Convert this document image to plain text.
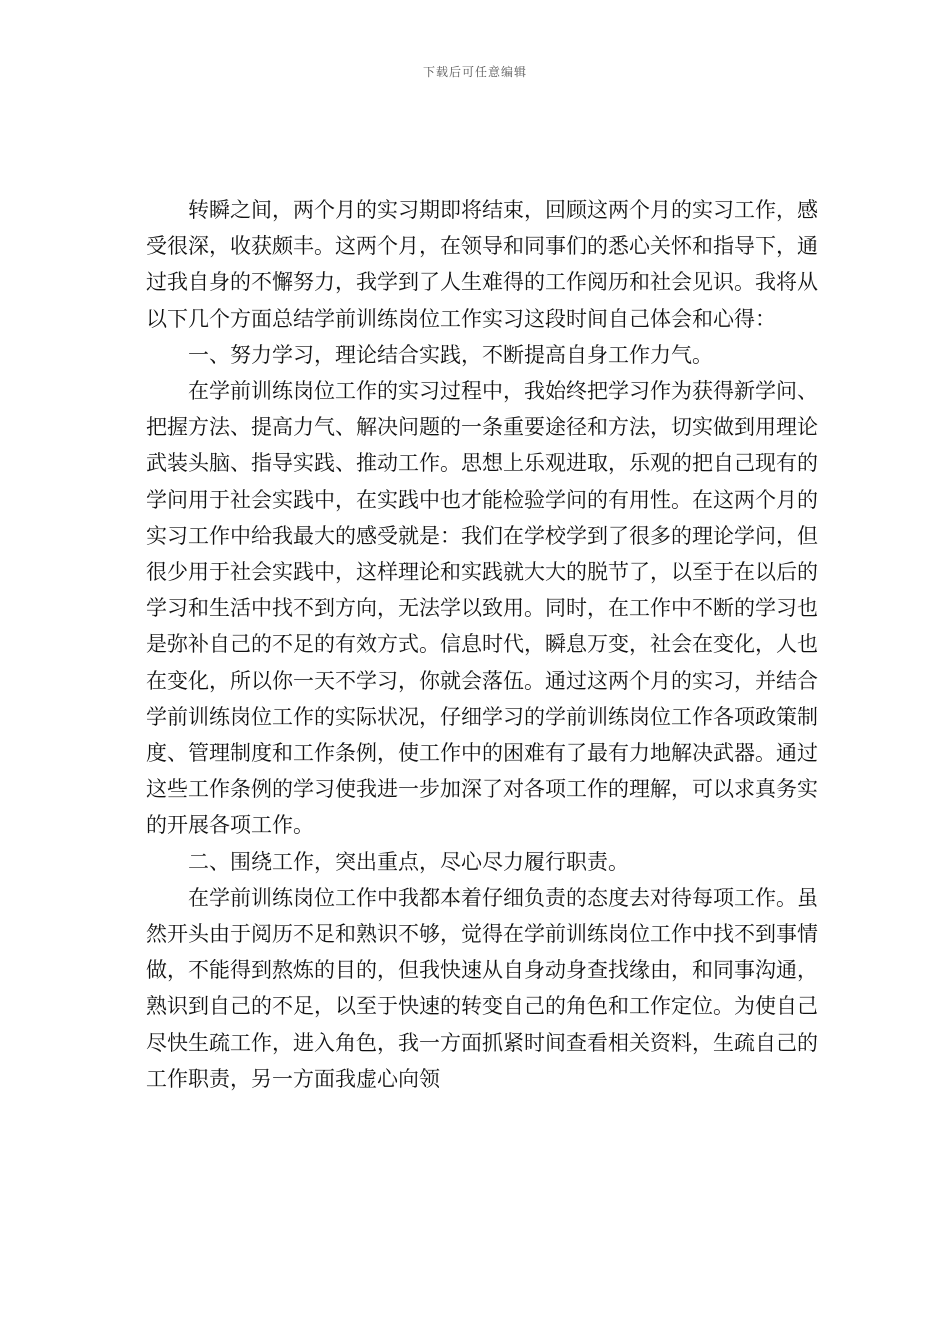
下载后可任意编辑

转瞬之间，两个月的实习期即将结束，回顾这两个月的实习工作，感受很深，收获颇丰。这两个月，在领导和同事们的悉心关怀和指导下，通过我自身的不懈努力，我学到了人生难得的工作阅历和社会见识。我将从以下几个方面总结学前训练岗位工作实习这段时间自己体会和心得：

一、努力学习，理论结合实践，不断提高自身工作力气。

在学前训练岗位工作的实习过程中，我始终把学习作为获得新学问、把握方法、提高力气、解决问题的一条重要途径和方法，切实做到用理论武装头脑、指导实践、推动工作。思想上乐观进取，乐观的把自己现有的学问用于社会实践中，在实践中也才能检验学问的有用性。在这两个月的实习工作中给我最大的感受就是：我们在学校学到了很多的理论学问，但很少用于社会实践中，这样理论和实践就大大的脱节了，以至于在以后的学习和生活中找不到方向，无法学以致用。同时，在工作中不断的学习也是弥补自己的不足的有效方式。信息时代，瞬息万变，社会在变化，人也在变化，所以你一天不学习，你就会落伍。通过这两个月的实习，并结合学前训练岗位工作的实际状况，仔细学习的学前训练岗位工作各项政策制度、管理制度和工作条例，使工作中的困难有了最有力地解决武器。通过这些工作条例的学习使我进一步加深了对各项工作的理解，可以求真务实的开展各项工作。

二、围绕工作，突出重点，尽心尽力履行职责。

在学前训练岗位工作中我都本着仔细负责的态度去对待每项工作。虽然开头由于阅历不足和熟识不够，觉得在学前训练岗位工作中找不到事情做，不能得到熬炼的目的，但我快速从自身动身查找缘由，和同事沟通，熟识到自己的不足，以至于快速的转变自己的角色和工作定位。为使自己尽快生疏工作，进入角色，我一方面抓紧时间查看相关资料，生疏自己的工作职责，另一方面我虚心向领
